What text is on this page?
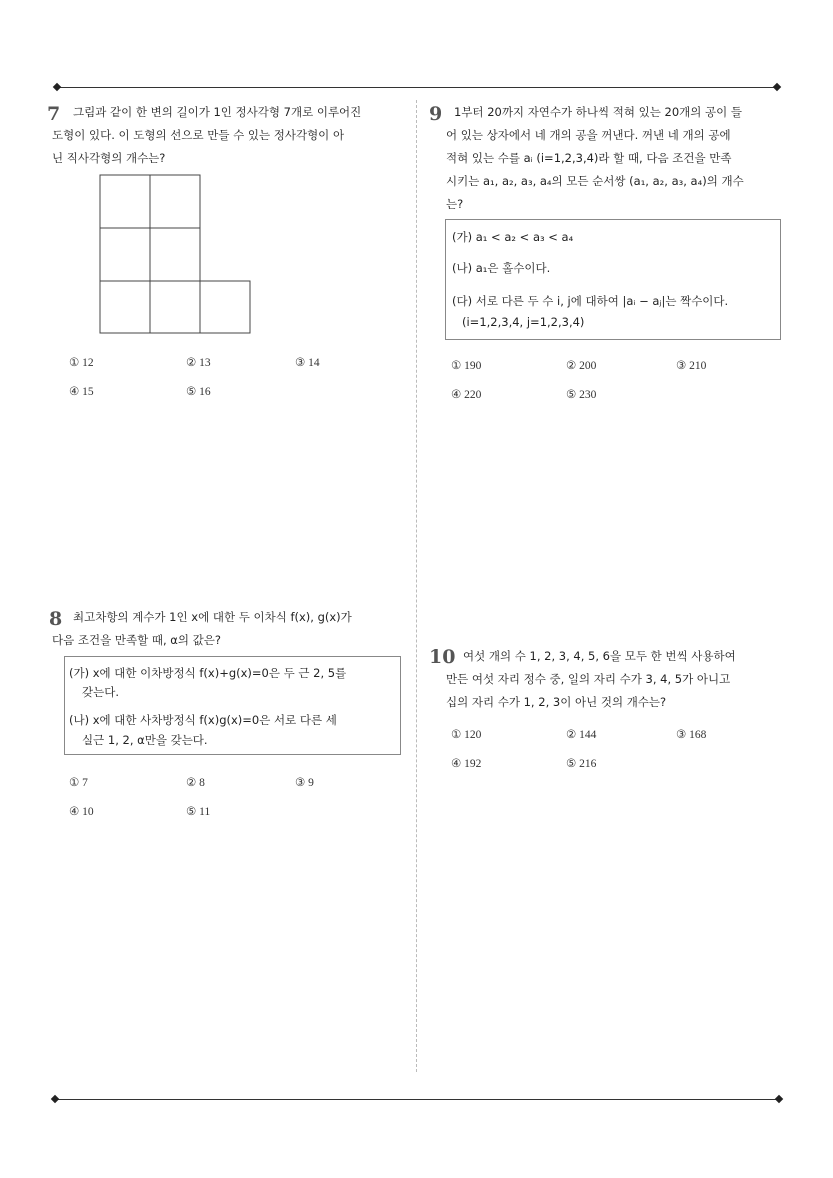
7 그림과 같이 한 변의 길이가 1인 정사각형 7개로 이루어진
도형이 있다. 이 도형의 선으로 만들 수 있는 정사각형이 아
닌 직사각형의 개수는?
① 12	② 13	③ 14
④ 15	⑤ 16
8 최고차항의 계수가 1인 x에 대한 두 이차식 f(x), g(x)가
다음 조건을 만족할 때, α의 값은?
(가) x에 대한 이차방정식 f(x)+g(x)=0은 두 근 2, 5를
갖는다.
(나) x에 대한 사차방정식 f(x)g(x)=0은 서로 다른 세
실근 1, 2, α만을 갖는다.
① 7	② 8	③ 9
④ 10	⑤ 11
9 1부터 20까지 자연수가 하나씩 적혀 있는 20개의 공이 들
어 있는 상자에서 네 개의 공을 꺼낸다. 꺼낸 네 개의 공에
적혀 있는 수를 aᵢ (i=1,2,3,4)라 할 때, 다음 조건을 만족
시키는 a₁, a₂, a₃, a₄의 모든 순서쌍 (a₁, a₂, a₃, a₄)의 개수
는?
(가) a₁ < a₂ < a₃ < a₄
(나) a₁은 홀수이다.
(다) 서로 다른 두 수 i, j에 대하여 |aᵢ − aⱼ|는 짝수이다.
(i=1,2,3,4, j=1,2,3,4)
① 190	② 200	③ 210
④ 220	⑤ 230
10 여섯 개의 수 1, 2, 3, 4, 5, 6을 모두 한 번씩 사용하여
만든 여섯 자리 정수 중, 일의 자리 수가 3, 4, 5가 아니고
십의 자리 수가 1, 2, 3이 아닌 것의 개수는?
① 120	② 144	③ 168
④ 192	⑤ 216
